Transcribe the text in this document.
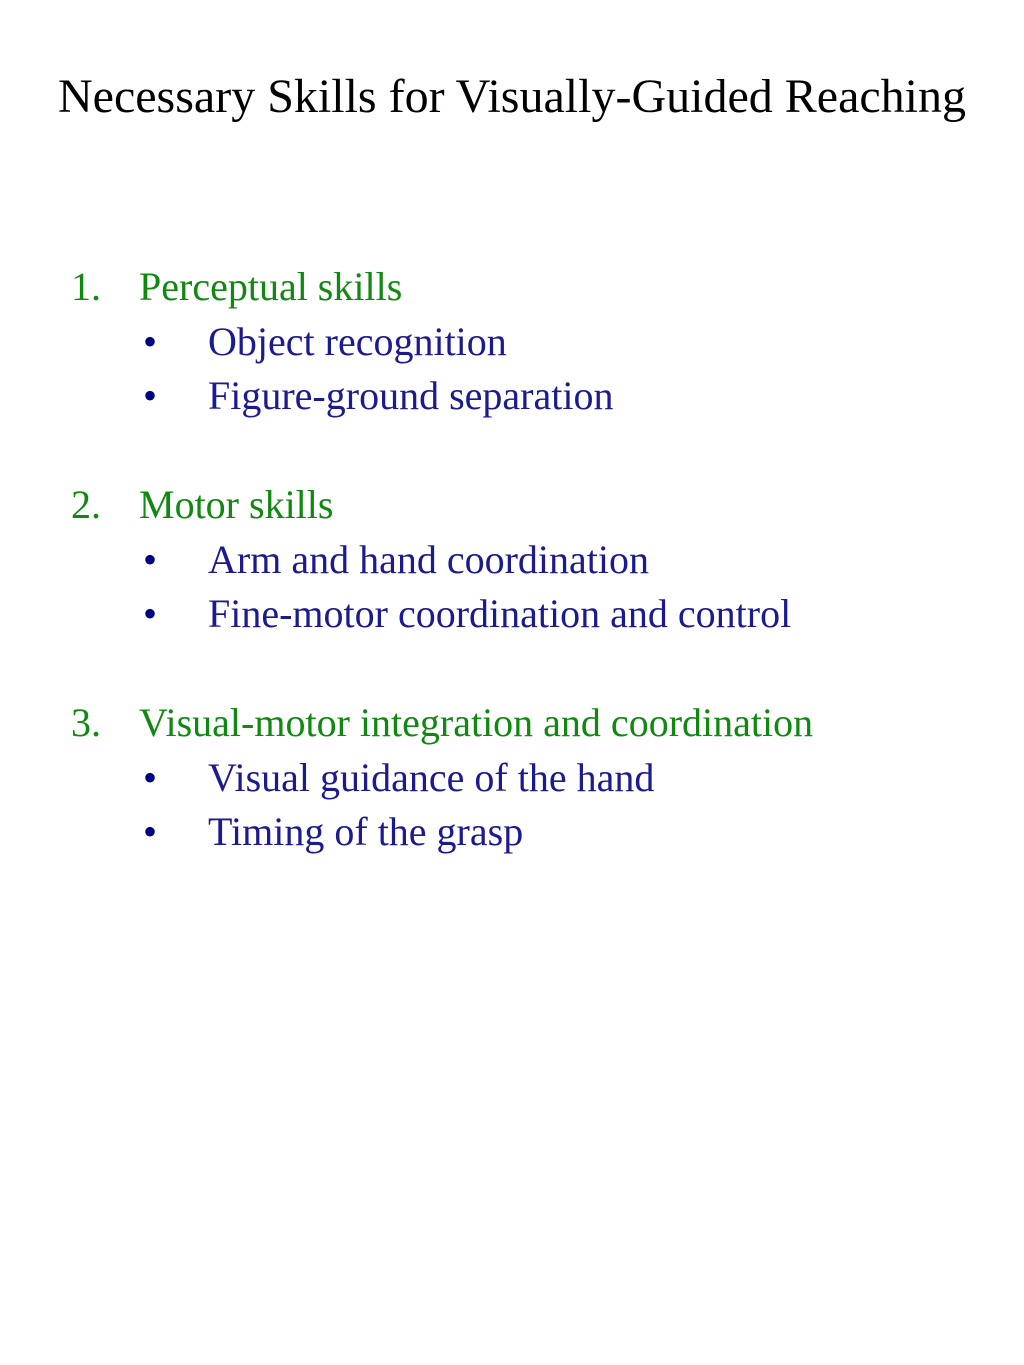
Necessary Skills for Visually-Guided Reaching
1. Perceptual skills
• Object recognition
• Figure-ground separation
2. Motor skills
• Arm and hand coordination
• Fine-motor coordination and control
3. Visual-motor integration and coordination
• Visual guidance of the hand
• Timing of the grasp
